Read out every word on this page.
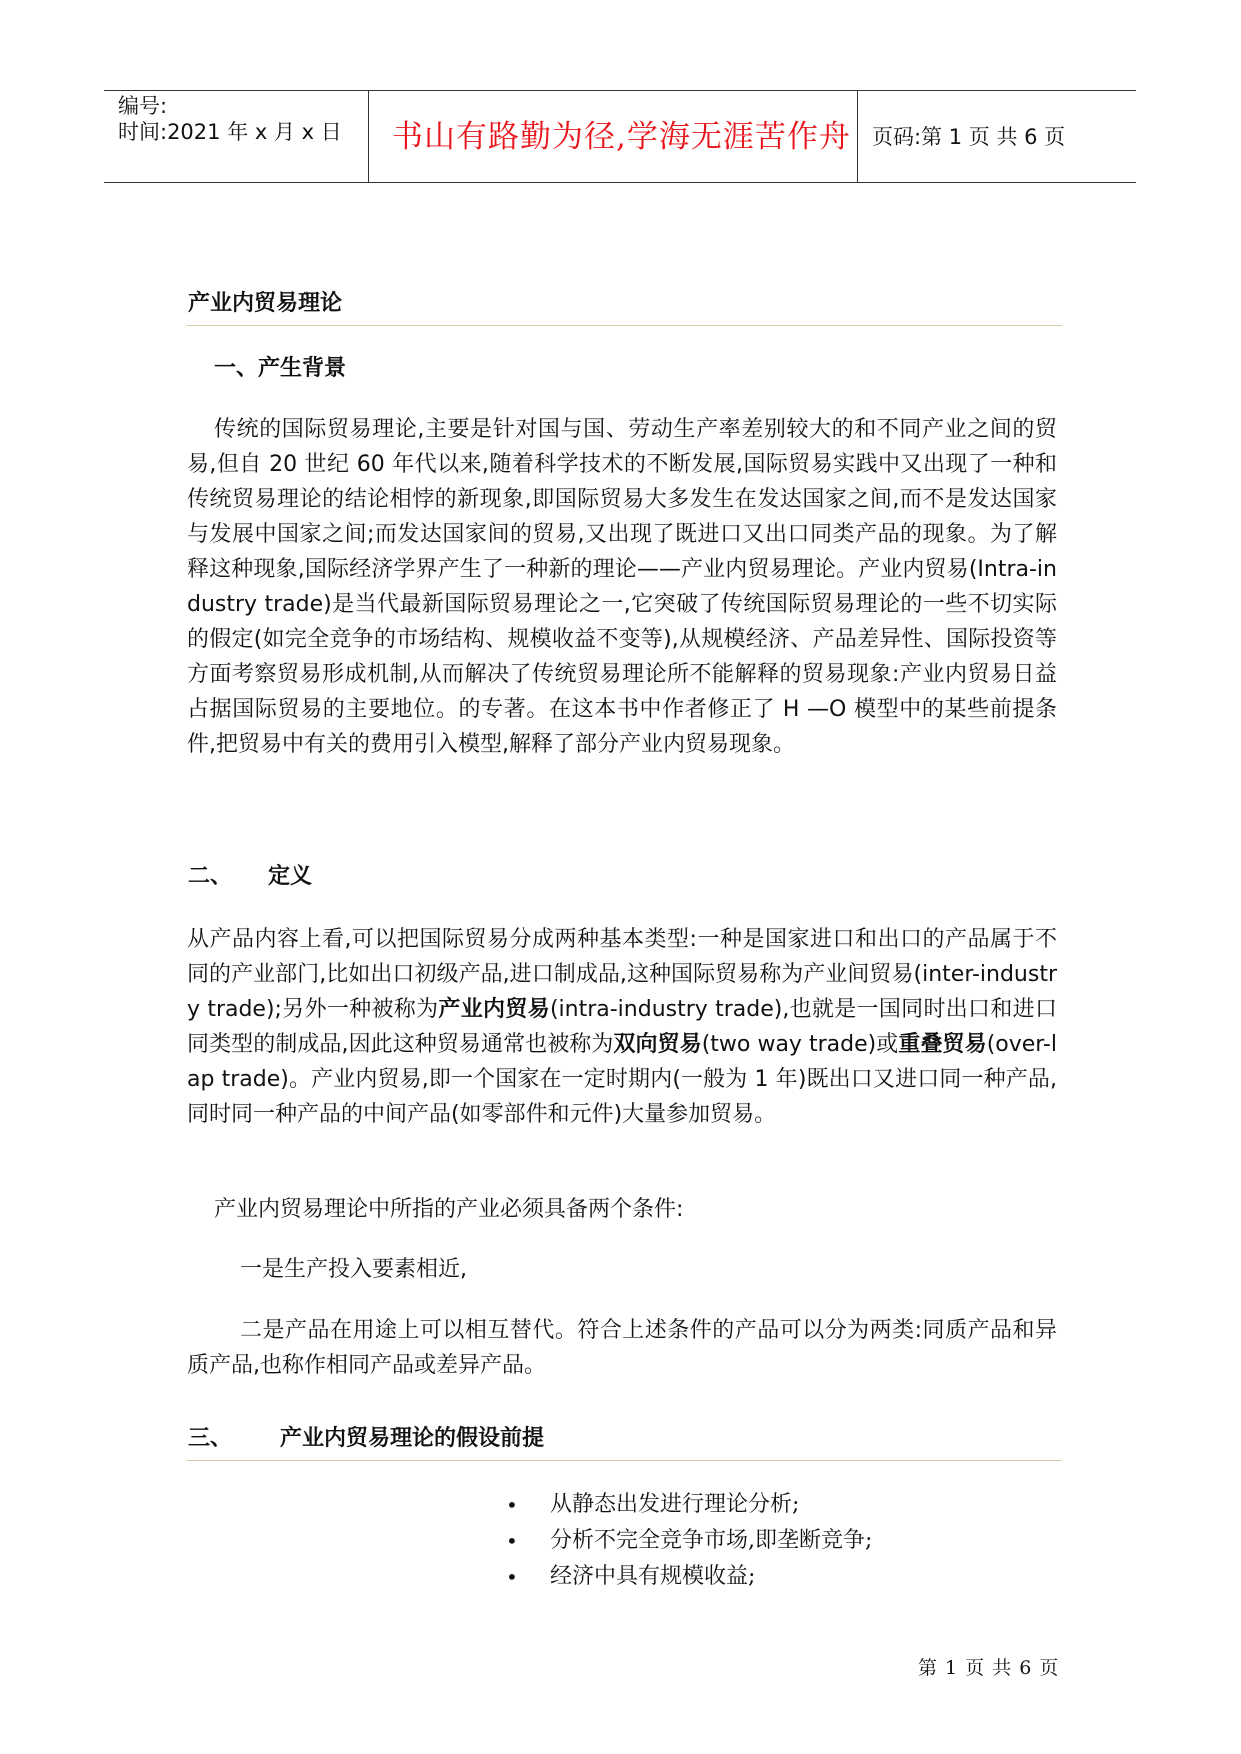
编号:
时间:2021 年 x 月 x 日 书山有路勤为径,学海无涯苦作舟 页码:第 1 页 共 6 页
产业内贸易理论
一、产生背景
传统的国际贸易理论,主要是针对国与国、劳动生产率差别较大的和不同产业之间的贸易,但自 20 世纪 60 年代以来,随着科学技术的不断发展,国际贸易实践中又出现了一种和传统贸易理论的结论相悖的新现象,即国际贸易大多发生在发达国家之间,而不是发达国家与发展中国家之间;而发达国家间的贸易,又出现了既进口又出口同类产品的现象。为了解释这种现象,国际经济学界产生了一种新的理论——产业内贸易理论。产业内贸易(Intra-industry trade)是当代最新国际贸易理论之一,它突破了传统国际贸易理论的一些不切实际的假定(如完全竞争的市场结构、规模收益不变等),从规模经济、产品差异性、国际投资等方面考察贸易形成机制,从而解决了传统贸易理论所不能解释的贸易现象:产业内贸易日益占据国际贸易的主要地位。的专著。在这本书中作者修正了 H —O 模型中的某些前提条件,把贸易中有关的费用引入模型,解释了部分产业内贸易现象。
二、 定义
从产品内容上看,可以把国际贸易分成两种基本类型:一种是国家进口和出口的产品属于不同的产业部门,比如出口初级产品,进口制成品,这种国际贸易称为产业间贸易(inter-industry trade);另外一种被称为产业内贸易(intra-industry trade),也就是一国同时出口和进口同类型的制成品,因此这种贸易通常也被称为双向贸易(two way trade)或重叠贸易(over-lap trade)。产业内贸易,即一个国家在一定时期内(一般为 1 年)既出口又进口同一种产品,同时同一种产品的中间产品(如零部件和元件)大量参加贸易。
产业内贸易理论中所指的产业必须具备两个条件:
一是生产投入要素相近,
二是产品在用途上可以相互替代。符合上述条件的产品可以分为两类:同质产品和异质产品,也称作相同产品或差异产品。
三、 产业内贸易理论的假设前提
• 从静态出发进行理论分析;
• 分析不完全竞争市场,即垄断竞争;
• 经济中具有规模收益;
第 1 页 共 6 页
